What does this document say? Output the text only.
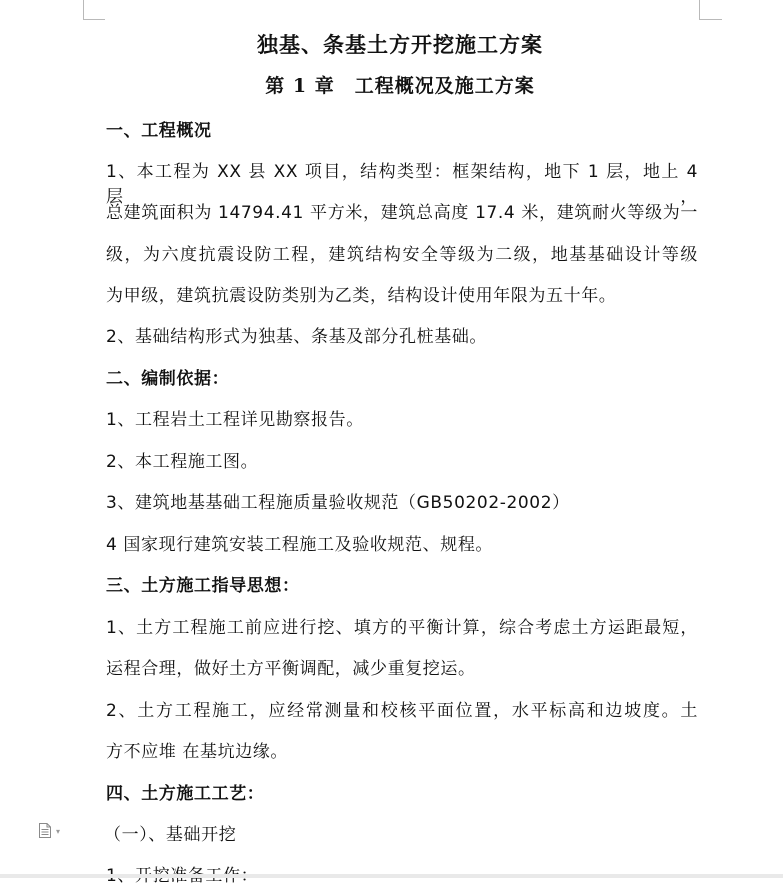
独基、条基土方开挖施工方案
第 1 章　工程概况及施工方案
一、工程概况
1、本工程为 XX 县 XX 项目，结构类型：框架结构，地下 1 层，地上 4 层，
总建筑面积为 14794.41 平方米，建筑总高度 17.4 米，建筑耐火等级为一
级，为六度抗震设防工程，建筑结构安全等级为二级，地基基础设计等级
为甲级，建筑抗震设防类别为乙类，结构设计使用年限为五十年。
2、基础结构形式为独基、条基及部分孔桩基础。
二、编制依据：
1、工程岩土工程详见勘察报告。
2、本工程施工图。
3、建筑地基基础工程施质量验收规范（GB50202-2002）
4 国家现行建筑安装工程施工及验收规范、规程。
三、土方施工指导思想：
1、土方工程施工前应进行挖、填方的平衡计算，综合考虑土方运距最短，
运程合理，做好土方平衡调配，减少重复挖运。
2、土方工程施工，应经常测量和校核平面位置，水平标高和边坡度。土
方不应堆 在基坑边缘。
四、土方施工工艺：
（一）、基础开挖
▾
